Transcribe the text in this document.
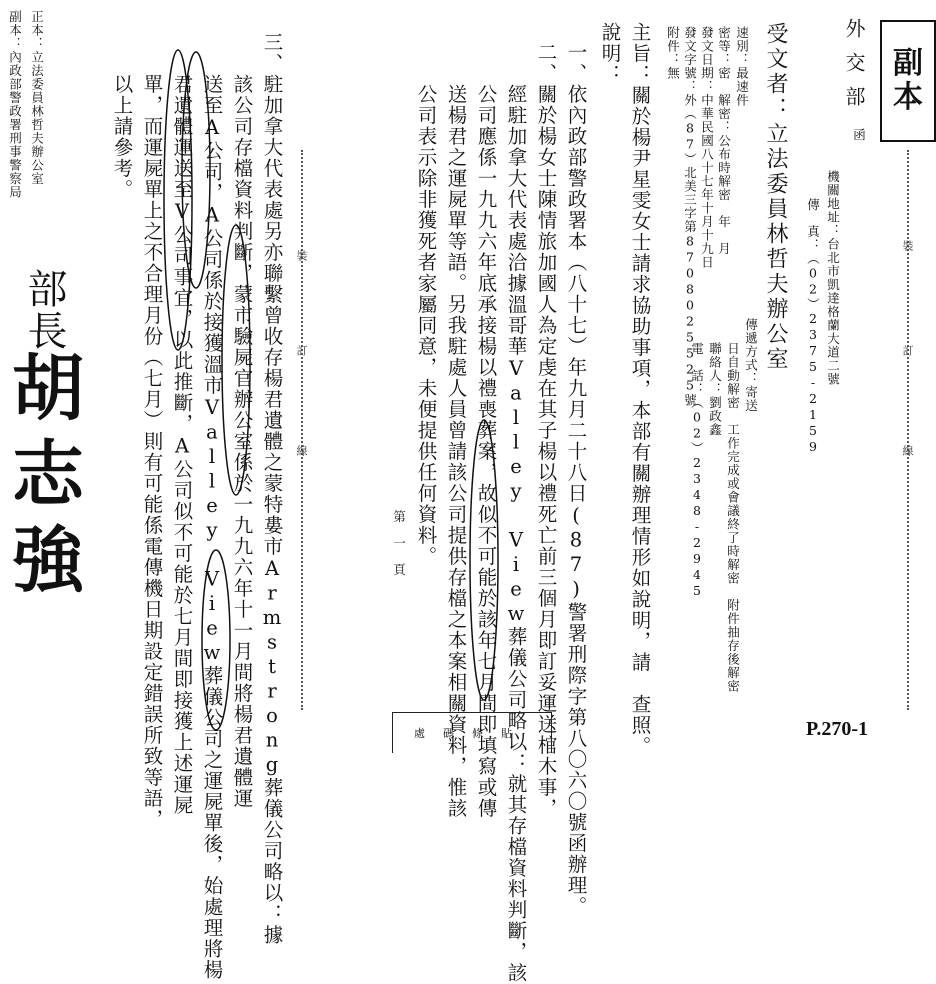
副
本
外交部
函
裝
訂
線
機關地址：台北市凱達格蘭大道二號
傳　真：（02）2375-2159
受文者：立法委員林哲夫辦公室
速別：最速件
密等：密　解密：公布時解密　年　月
發文日期：中華民國八十七年十月十九日
發文字號：外（87）北美三字第8708025525號
附件：無
傳遞方式：寄送
日自動解密　工作完成或會議終了時解密　附件抽存後解密
聯絡人：劉政鑫
電　話：（02）2348-2945
主旨：關於楊尹星雯女士請求協助事項，本部有關辦理情形如說明，請　查照。
說明：
一、依內政部警政署本（八十七）年九月二十八日(87)警署刑際字第八〇六〇號函辦理。
二、關於楊女士陳情旅加國人為定虔在其子楊以禮死亡前三個月即訂妥運送棺木事，
　　經駐加拿大代表處洽據溫哥華Valley View葬儀公司略以：就其存檔資料判斷，該
　　公司應係一九九六年底承接楊以禮喪葬案，故似不可能於該年七月間即填寫或傳
　　送楊君之運屍單等語。另我駐處人員曾請該公司提供存檔之本案相關資料，惟該
　　公司表示除非獲死者家屬同意，未便提供任何資料。
第一頁
裝
訂
線
三、駐加拿大代表處另亦聯繫曾收存楊君遺體之蒙特婁市Armstrong葬儀公司略以：據
　　該公司存檔資料判斷，蒙市驗屍官辦公室係於一九九六年十一月間將楊君遺體運
　　送至A公司，A公司係於接獲溫市Valley View葬儀公司之運屍單後，始處理將楊
　　君遺體運送至V公司事宜，以此推斷，A公司似不可能於七月間即接獲上述運屍
　　單，而運屍單上之不合理月份（七月）則有可能係電傳機日期設定錯誤所致等語，
　　以上請參考。
部長
胡志強
正本：立法委員林哲夫辦公室
副本：內政部警政署刑事警察局
處碼條貼	P.270-1
